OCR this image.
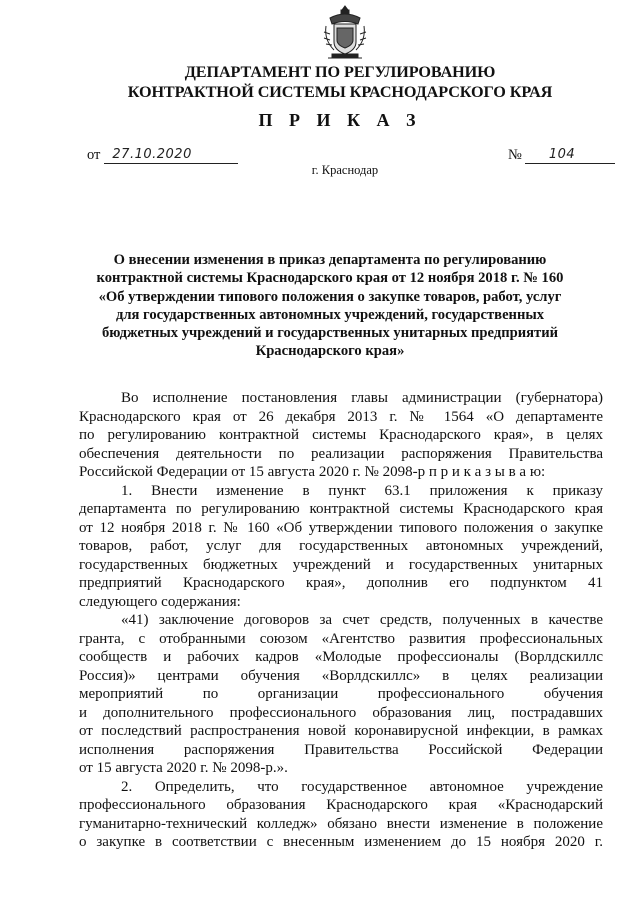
ДЕПАРТАМЕНТ ПО РЕГУЛИРОВАНИЮ
КОНТРАКТНОЙ СИСТЕМЫ КРАСНОДАРСКОГО КРАЯ
П Р И К А З
от 27.10.2020	№ 104
г. Краснодар
О внесении изменения в приказ департамента по регулированию
контрактной системы Краснодарского края от 12 ноября 2018 г. № 160
«Об утверждении типового положения о закупке товаров, работ, услуг
для государственных автономных учреждений, государственных
бюджетных учреждений и государственных унитарных предприятий
Краснодарского края»
Во исполнение постановления главы администрации (губернатора)
Краснодарского края от 26 декабря 2013 г. № 1564 «О департаменте
по регулированию контрактной системы Краснодарского края», в целях
обеспечения деятельности по реализации распоряжения Правительства
Российской Федерации от 15 августа 2020 г. № 2098-р п р и к а з ы в а ю:
1. Внести изменение в пункт 63.1 приложения к приказу
департамента по регулированию контрактной системы Краснодарского края
от 12 ноября 2018 г. № 160 «Об утверждении типового положения о закупке
товаров, работ, услуг для государственных автономных учреждений,
государственных бюджетных учреждений и государственных унитарных
предприятий Краснодарского края», дополнив его подпунктом 41
следующего содержания:
«41) заключение договоров за счет средств, полученных в качестве
гранта, с отобранными союзом «Агентство развития профессиональных
сообществ и рабочих кадров «Молодые профессионалы (Ворлдскиллс
Россия)» центрами обучения «Ворлдскиллс» в целях реализации
мероприятий по организации профессионального обучения
и дополнительного профессионального образования лиц, пострадавших
от последствий распространения новой коронавирусной инфекции, в рамках
исполнения распоряжения Правительства Российской Федерации
от 15 августа 2020 г. № 2098-р.».
2. Определить, что государственное автономное учреждение
профессионального образования Краснодарского края «Краснодарский
гуманитарно-технический колледж» обязано внести изменение в положение
о закупке в соответствии с внесенным изменением до 15 ноября 2020 г.
